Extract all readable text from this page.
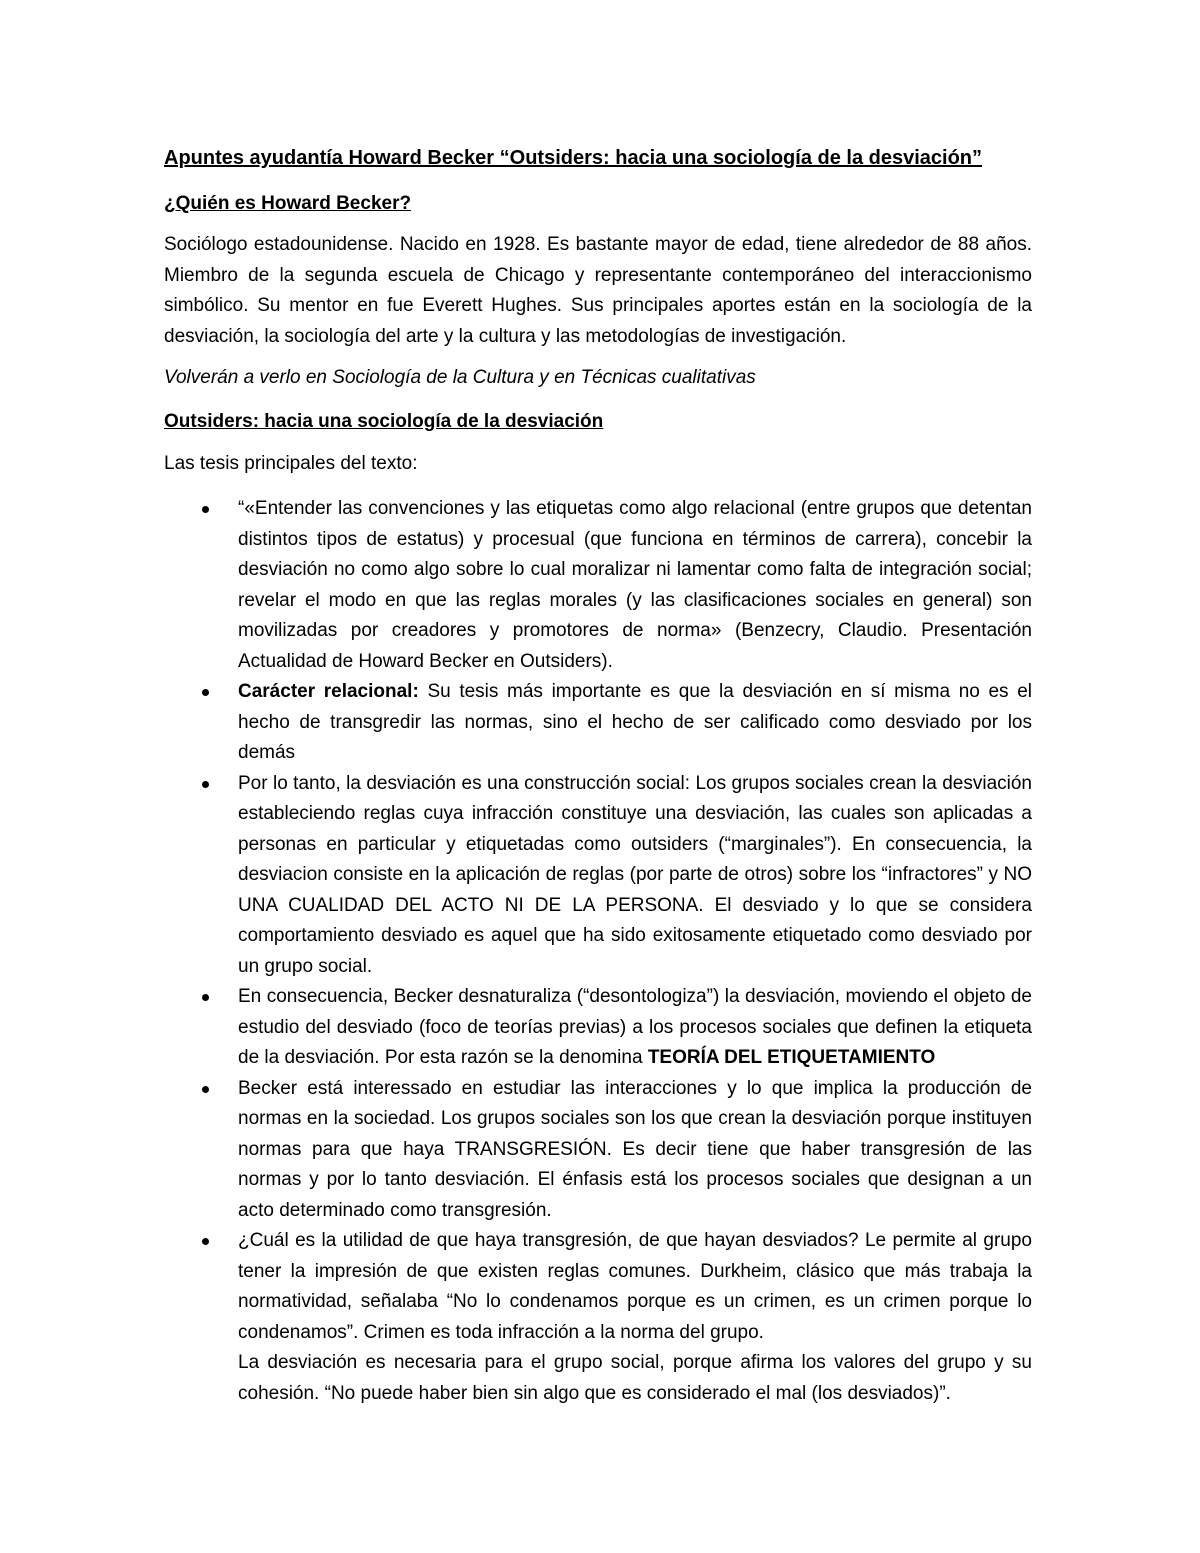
Apuntes ayudantía Howard Becker “Outsiders: hacia una sociología de la desviación”
¿Quién es Howard Becker?
Sociólogo estadounidense. Nacido en 1928. Es bastante mayor de edad, tiene alrededor de 88 años. Miembro de la segunda escuela de Chicago y representante contemporáneo del interaccionismo simbólico. Su mentor en fue Everett Hughes. Sus principales aportes están en la sociología de la desviación, la sociología del arte y la cultura y las metodologías de investigación.
Volverán a verlo en Sociología de la Cultura y en Técnicas cualitativas
Outsiders: hacia una sociología de la desviación
Las tesis principales del texto:
“«Entender las convenciones y las etiquetas como algo relacional (entre grupos que detentan distintos tipos de estatus) y procesual (que funciona en términos de carrera), concebir la desviación no como algo sobre lo cual moralizar ni lamentar como falta de integración social; revelar el modo en que las reglas morales (y las clasificaciones sociales en general) son movilizadas por creadores y promotores de norma» (Benzecry, Claudio. Presentación Actualidad de Howard Becker en Outsiders).
Carácter relacional: Su tesis más importante es que la desviación en sí misma no es el hecho de transgredir las normas, sino el hecho de ser calificado como desviado por los demás
Por lo tanto, la desviación es una construcción social: Los grupos sociales crean la desviación estableciendo reglas cuya infracción constituye una desviación, las cuales son aplicadas a personas en particular y etiquetadas como outsiders (“marginales”). En consecuencia, la desviacion consiste en la aplicación de reglas (por parte de otros) sobre los “infractores” y NO UNA CUALIDAD DEL ACTO NI DE LA PERSONA. El desviado y lo que se considera comportamiento desviado es aquel que ha sido exitosamente etiquetado como desviado por un grupo social.
En consecuencia, Becker desnaturaliza (“desontologiza”) la desviación, moviendo el objeto de estudio del desviado (foco de teorías previas) a los procesos sociales que definen la etiqueta de la desviación. Por esta razón se la denomina TEORÍA DEL ETIQUETAMIENTO
Becker está interessado en estudiar las interacciones y lo que implica la producción de normas en la sociedad. Los grupos sociales son los que crean la desviación porque instituyen normas para que haya TRANSGRESIÓN. Es decir tiene que haber transgresión de las normas y por lo tanto desviación. El énfasis está los procesos sociales que designan a un acto determinado como transgresión.
¿Cuál es la utilidad de que haya transgresión, de que hayan desviados? Le permite al grupo tener la impresión de que existen reglas comunes. Durkheim, clásico que más trabaja la normatividad, señalaba “No lo condenamos porque es un crimen, es un crimen porque lo condenamos”. Crimen es toda infracción a la norma del grupo.
La desviación es necesaria para el grupo social, porque afirma los valores del grupo y su cohesión. “No puede haber bien sin algo que es considerado el mal (los desviados)”.
